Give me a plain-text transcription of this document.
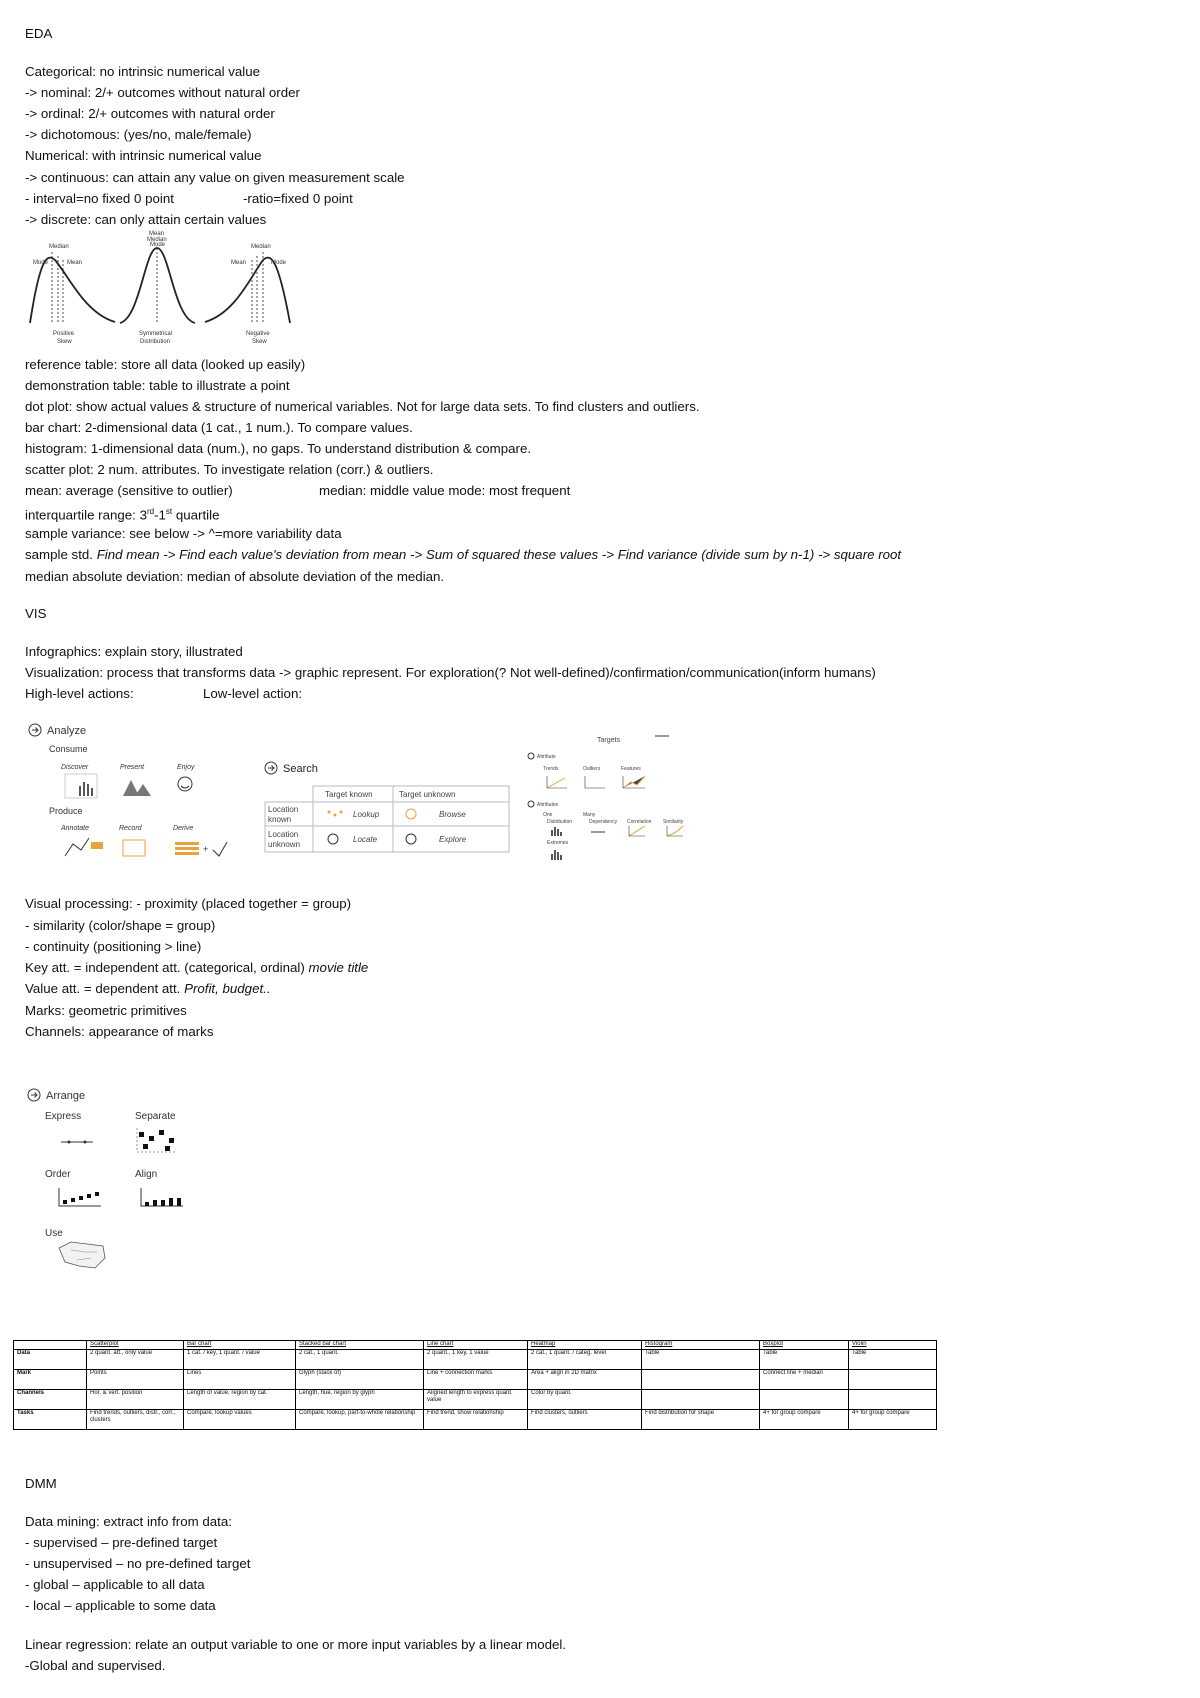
EDA
Categorical: no intrinsic numerical value
-> nominal: 2/+ outcomes without natural order
-> ordinal: 2/+ outcomes with natural order
-> dichotomous: (yes/no, male/female)
Numerical: with intrinsic numerical value
-> continuous: can attain any value on given measurement scale
- interval=no fixed 0 point	-ratio=fixed 0 point
-> discrete: can only attain certain values
Median
Mode	Mean
Positive
Skew
Mean
Median
Mode
Symmetrical
Distribution
Median
Mean	Mode
Negative
Skew
reference table: store all data (looked up easily)
demonstration table: table to illustrate a point
dot plot: show actual values & structure of numerical variables. Not for large data sets. To find clusters and outliers.
bar chart: 2-dimensional data (1 cat., 1 num.). To compare values.
histogram: 1-dimensional data (num.), no gaps. To understand distribution & compare.
scatter plot: 2 num. attributes. To investigate relation (corr.) & outliers.
mean: average (sensitive to outlier)	median: middle value mode: most frequent
interquartile range: 3rd-1st quartile
sample variance: see below -> ^=more variability data
sample std. Find mean -> Find each value's deviation from mean -> Sum of squared these values -> Find variance (divide sum by n-1) -> square root
median absolute deviation: median of absolute deviation of the median.
VIS
Infographics: explain story, illustrated
Visualization: process that transforms data -> graphic represent. For exploration(? Not well-defined)/confirmation/communication(inform humans)
High-level actions:	Low-level action:
Analyze
Consume
Discover	Present	Enjoy
Produce
Annotate	Record	Derive
+
Search
Target known	Target unknown
Location
known
Location
unknown
Lookup	Browse
Locate	Explore
Targets
Attribute
Trends	Outliers	Features
Attributes
One	Many
Distribution	Dependency Correlation Similarity
Extremes
Visual processing: - proximity (placed together = group)
- similarity (color/shape = group)
- continuity (positioning > line)
Key att. = independent att. (categorical, ordinal) movie title
Value att. = dependent att. Profit, budget..
Marks: geometric primitives
Channels: appearance of marks
Arrange
Express	Separate
Order	Align
Use
	Scatterplot	Bar chart	Stacked bar chart	Line chart	Heatmap	Histogram	Boxplot	Violin
Data	2 quant. att., only value	1 cat. / key, 1 quant. / value	2 cat., 1 quant.	2 quant., 1 key, 1 value	2 cat., 1 quant. / categ. level	Table	Table	Table
Mark	Points	Lines	Glyph (stack of)	Line + connection marks	Area + align in 2D matrix		Connect line + median	
Channels	Hor. & vert. position	Length of value, region by cat.	Length, hue, region by glyph	Aligned length to express quant. value	Color by quant.			
Tasks	Find trends, outliers, distr., corr., clusters	Compare, lookup values	Compare, lookup, part-to-whole relationship	Find trend, show relationship	Find clusters, outliers	Find distribution for shape	4+ for group compare	4+ for group compare
DMM
Data mining: extract info from data:
- supervised – pre-defined target
- unsupervised – no pre-defined target
- global – applicable to all data
- local – applicable to some data
Linear regression: relate an output variable to one or more input variables by a linear model.
-Global and supervised.
